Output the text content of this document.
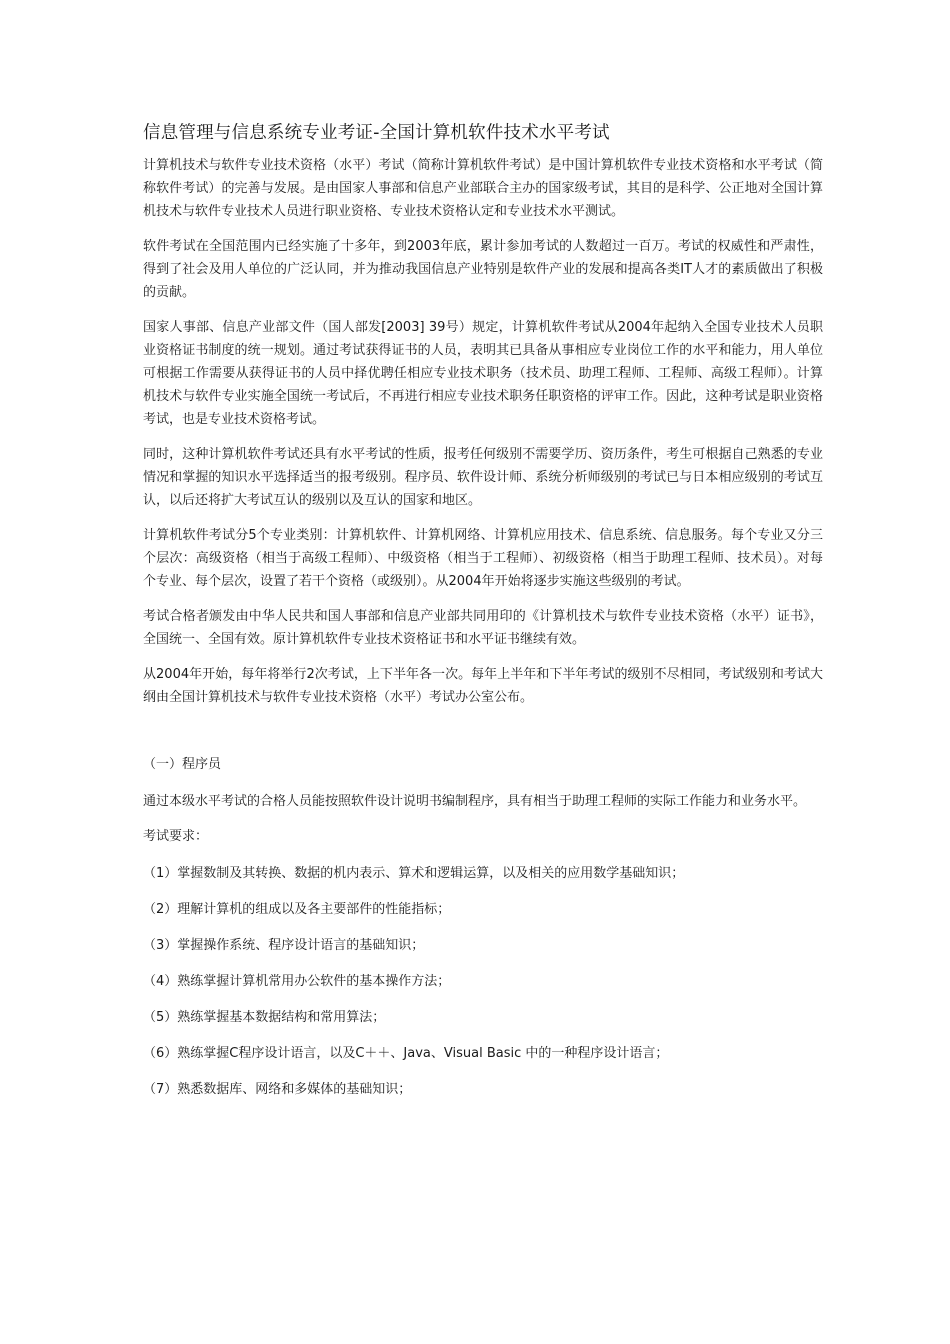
信息管理与信息系统专业考证-全国计算机软件技术水平考试

计算机技术与软件专业技术资格（水平）考试（简称计算机软件考试）是中国计算机软件专业技术资格和水平考试（简称软件考试）的完善与发展。是由国家人事部和信息产业部联合主办的国家级考试，其目的是科学、公正地对全国计算机技术与软件专业技术人员进行职业资格、专业技术资格认定和专业技术水平测试。

软件考试在全国范围内已经实施了十多年，到2003年底，累计参加考试的人数超过一百万。考试的权威性和严肃性，得到了社会及用人单位的广泛认同，并为推动我国信息产业特别是软件产业的发展和提高各类IT人才的素质做出了积极的贡献。

国家人事部、信息产业部文件（国人部发[2003] 39号）规定，计算机软件考试从2004年起纳入全国专业技术人员职业资格证书制度的统一规划。通过考试获得证书的人员，表明其已具备从事相应专业岗位工作的水平和能力，用人单位可根据工作需要从获得证书的人员中择优聘任相应专业技术职务（技术员、助理工程师、工程师、高级工程师）。计算机技术与软件专业实施全国统一考试后，不再进行相应专业技术职务任职资格的评审工作。因此，这种考试是职业资格考试，也是专业技术资格考试。

同时，这种计算机软件考试还具有水平考试的性质，报考任何级别不需要学历、资历条件，考生可根据自己熟悉的专业情况和掌握的知识水平选择适当的报考级别。程序员、软件设计师、系统分析师级别的考试已与日本相应级别的考试互认，以后还将扩大考试互认的级别以及互认的国家和地区。

计算机软件考试分5个专业类别：计算机软件、计算机网络、计算机应用技术、信息系统、信息服务。每个专业又分三个层次：高级资格（相当于高级工程师）、中级资格（相当于工程师）、初级资格（相当于助理工程师、技术员）。对每个专业、每个层次，设置了若干个资格（或级别）。从2004年开始将逐步实施这些级别的考试。

考试合格者颁发由中华人民共和国人事部和信息产业部共同用印的《计算机技术与软件专业技术资格（水平）证书》，全国统一、全国有效。原计算机软件专业技术资格证书和水平证书继续有效。

从2004年开始，每年将举行2次考试，上下半年各一次。每年上半年和下半年考试的级别不尽相同，考试级别和考试大纲由全国计算机技术与软件专业技术资格（水平）考试办公室公布。

（一）程序员

通过本级水平考试的合格人员能按照软件设计说明书编制程序，具有相当于助理工程师的实际工作能力和业务水平。

考试要求：
（1）掌握数制及其转换、数据的机内表示、算术和逻辑运算，以及相关的应用数学基础知识；
（2）理解计算机的组成以及各主要部件的性能指标；
（3）掌握操作系统、程序设计语言的基础知识；
（4）熟练掌握计算机常用办公软件的基本操作方法；
（5）熟练掌握基本数据结构和常用算法；
（6）熟练掌握C程序设计语言，以及C＋＋、Java、Visual Basic 中的一种程序设计语言；
（7）熟悉数据库、网络和多媒体的基础知识；
